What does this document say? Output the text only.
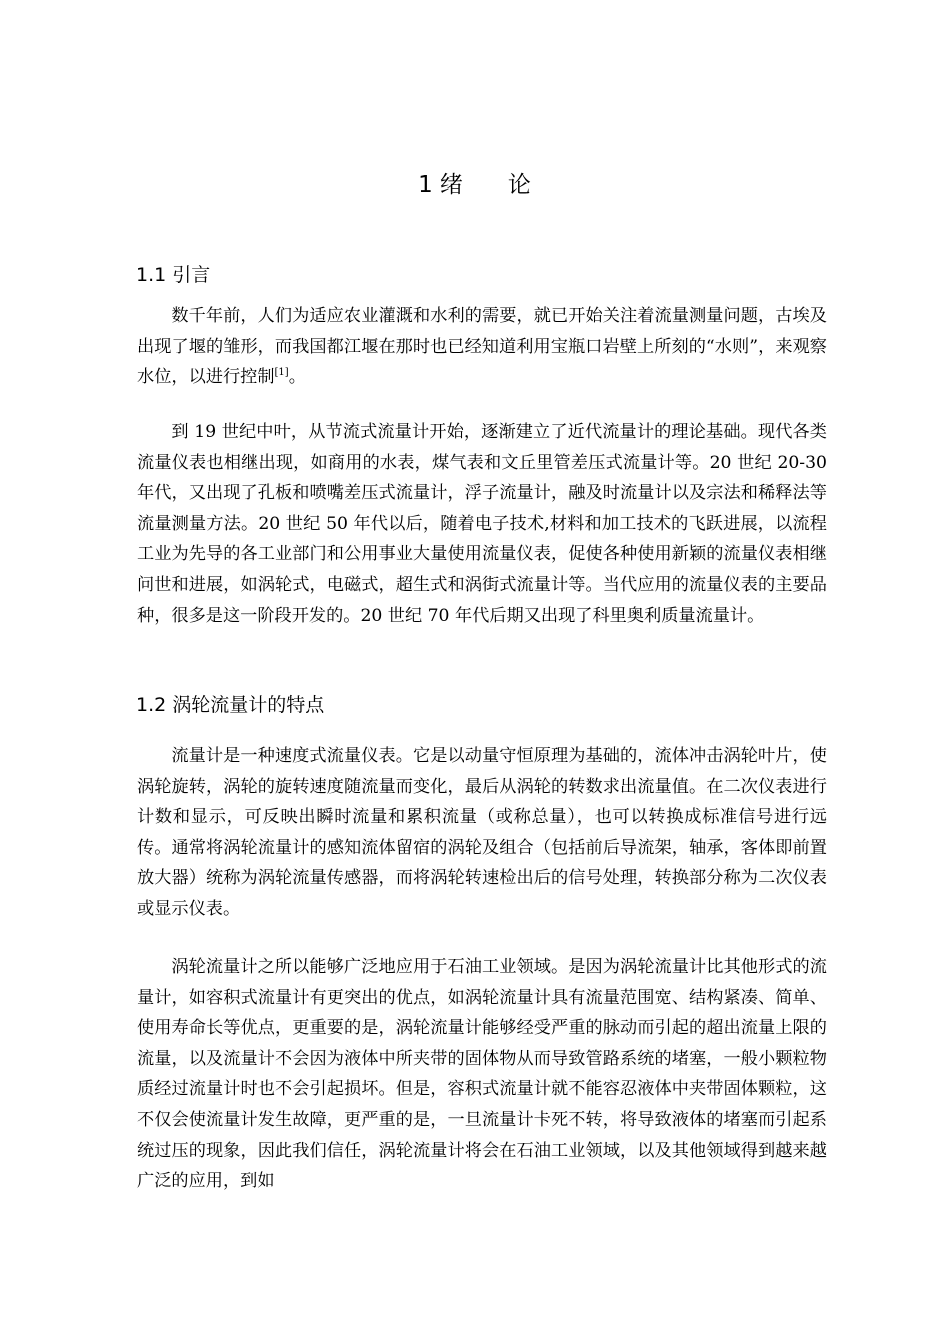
1 绪 论
1.1 引言

数千年前，人们为适应农业灌溉和水利的需要，就已开始关注着流量测量问题，古埃及出现了堰的雏形，而我国都江堰在那时也已经知道利用宝瓶口岩壁上所刻的“水则”，来观察水位，以进行控制[1]。

到 19 世纪中叶，从节流式流量计开始，逐渐建立了近代流量计的理论基础。现代各类流量仪表也相继出现，如商用的水表，煤气表和文丘里管差压式流量计等。20 世纪 20-30 年代，又出现了孔板和喷嘴差压式流量计，浮子流量计，融及时流量计以及宗法和稀释法等流量测量方法。20 世纪 50 年代以后，随着电子技术,材料和加工技术的飞跃进展，以流程工业为先导的各工业部门和公用事业大量使用流量仪表，促使各种使用新颖的流量仪表相继问世和进展，如涡轮式，电磁式，超生式和涡街式流量计等。当代应用的流量仪表的主要品种，很多是这一阶段开发的。20 世纪 70 年代后期又出现了科里奥利质量流量计。

1.2 涡轮流量计的特点

流量计是一种速度式流量仪表。它是以动量守恒原理为基础的，流体冲击涡轮叶片，使涡轮旋转，涡轮的旋转速度随流量而变化，最后从涡轮的转数求出流量值。在二次仪表进行计数和显示，可反映出瞬时流量和累积流量（或称总量），也可以转换成标准信号进行远传。通常将涡轮流量计的感知流体留宿的涡轮及组合（包括前后导流架，轴承，客体即前置放大器）统称为涡轮流量传感器，而将涡轮转速检出后的信号处理，转换部分称为二次仪表或显示仪表。

涡轮流量计之所以能够广泛地应用于石油工业领域。是因为涡轮流量计比其他形式的流量计，如容积式流量计有更突出的优点，如涡轮流量计具有流量范围宽、结构紧凑、简单、使用寿命长等优点，更重要的是，涡轮流量计能够经受严重的脉动而引起的超出流量上限的流量，以及流量计不会因为液体中所夹带的固体物从而导致管路系统的堵塞，一般小颗粒物质经过流量计时也不会引起损坏。但是，容积式流量计就不能容忍液体中夹带固体颗粒，这不仅会使流量计发生故障，更严重的是，一旦流量计卡死不转，将导致液体的堵塞而引起系统过压的现象，因此我们信任，涡轮流量计将会在石油工业领域，以及其他领域得到越来越广泛的应用，到如
